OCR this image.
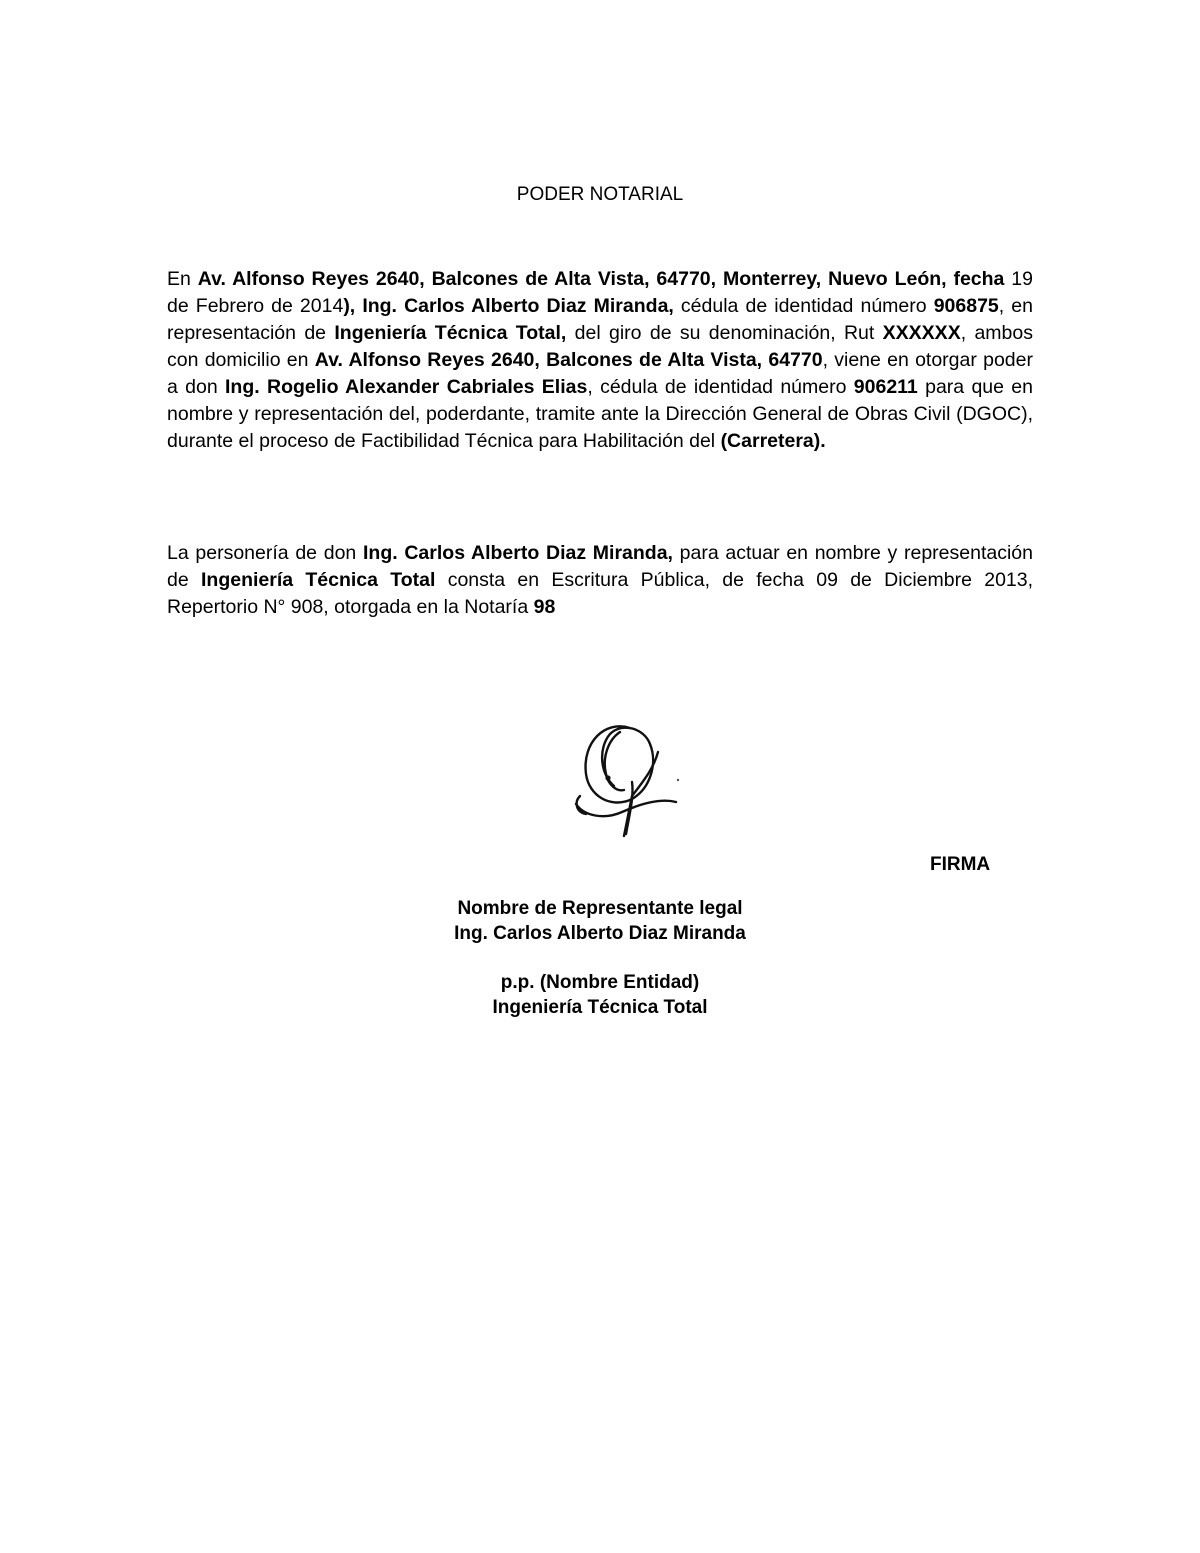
PODER NOTARIAL
En Av. Alfonso Reyes 2640, Balcones de Alta Vista, 64770, Monterrey, Nuevo León, fecha 19 de Febrero de 2014), Ing. Carlos Alberto Diaz Miranda, cédula de identidad número 906875, en representación de Ingeniería Técnica Total, del giro de su denominación, Rut XXXXXX, ambos con domicilio en Av. Alfonso Reyes 2640, Balcones de Alta Vista, 64770, viene en otorgar poder a don Ing. Rogelio Alexander Cabriales Elias, cédula de identidad número 906211 para que en nombre y representación del, poderdante, tramite ante la Dirección General de Obras Civil (DGOC), durante el proceso de Factibilidad Técnica para Habilitación del (Carretera).
La personería de don Ing. Carlos Alberto Diaz Miranda, para actuar en nombre y representación de Ingeniería Técnica Total consta en Escritura Pública, de fecha 09 de Diciembre 2013, Repertorio N° 908, otorgada en la Notaría 98
FIRMA
Nombre de Representante legal
Ing. Carlos Alberto Diaz Miranda
p.p. (Nombre Entidad)
Ingeniería Técnica Total
